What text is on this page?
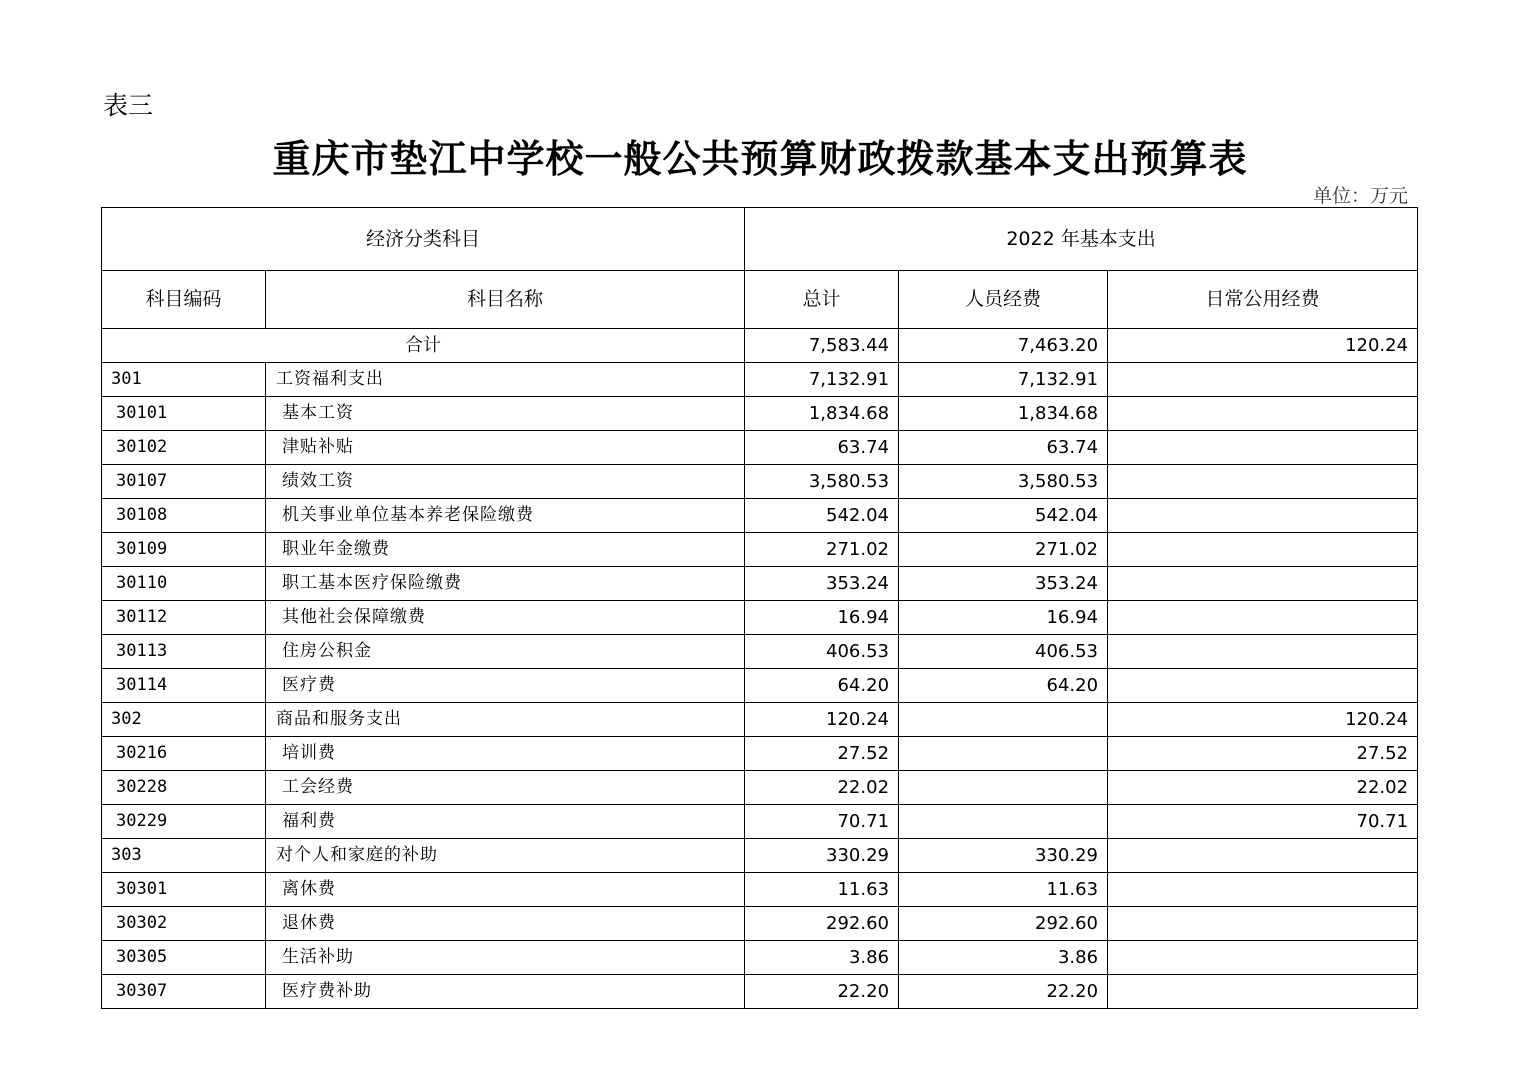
表三
重庆市垫江中学校一般公共预算财政拨款基本支出预算表
单位：万元
经济分类科目		2022 年基本支出		
科目编码	科目名称	总计	人员经费	日常公用经费
合计		7,583.44	7,463.20	120.24
301	工资福利支出	7,132.91	7,132.91	
30101	基本工资	1,834.68	1,834.68	
30102	津贴补贴	63.74	63.74	
30107	绩效工资	3,580.53	3,580.53	
30108	机关事业单位基本养老保险缴费	542.04	542.04	
30109	职业年金缴费	271.02	271.02	
30110	职工基本医疗保险缴费	353.24	353.24	
30112	其他社会保障缴费	16.94	16.94	
30113	住房公积金	406.53	406.53	
30114	医疗费	64.20	64.20	
302	商品和服务支出	120.24		120.24
30216	培训费	27.52		27.52
30228	工会经费	22.02		22.02
30229	福利费	70.71		70.71
303	对个人和家庭的补助	330.29	330.29	
30301	离休费	11.63	11.63	
30302	退休费	292.60	292.60	
30305	生活补助	3.86	3.86	
30307	医疗费补助	22.20	22.20	
